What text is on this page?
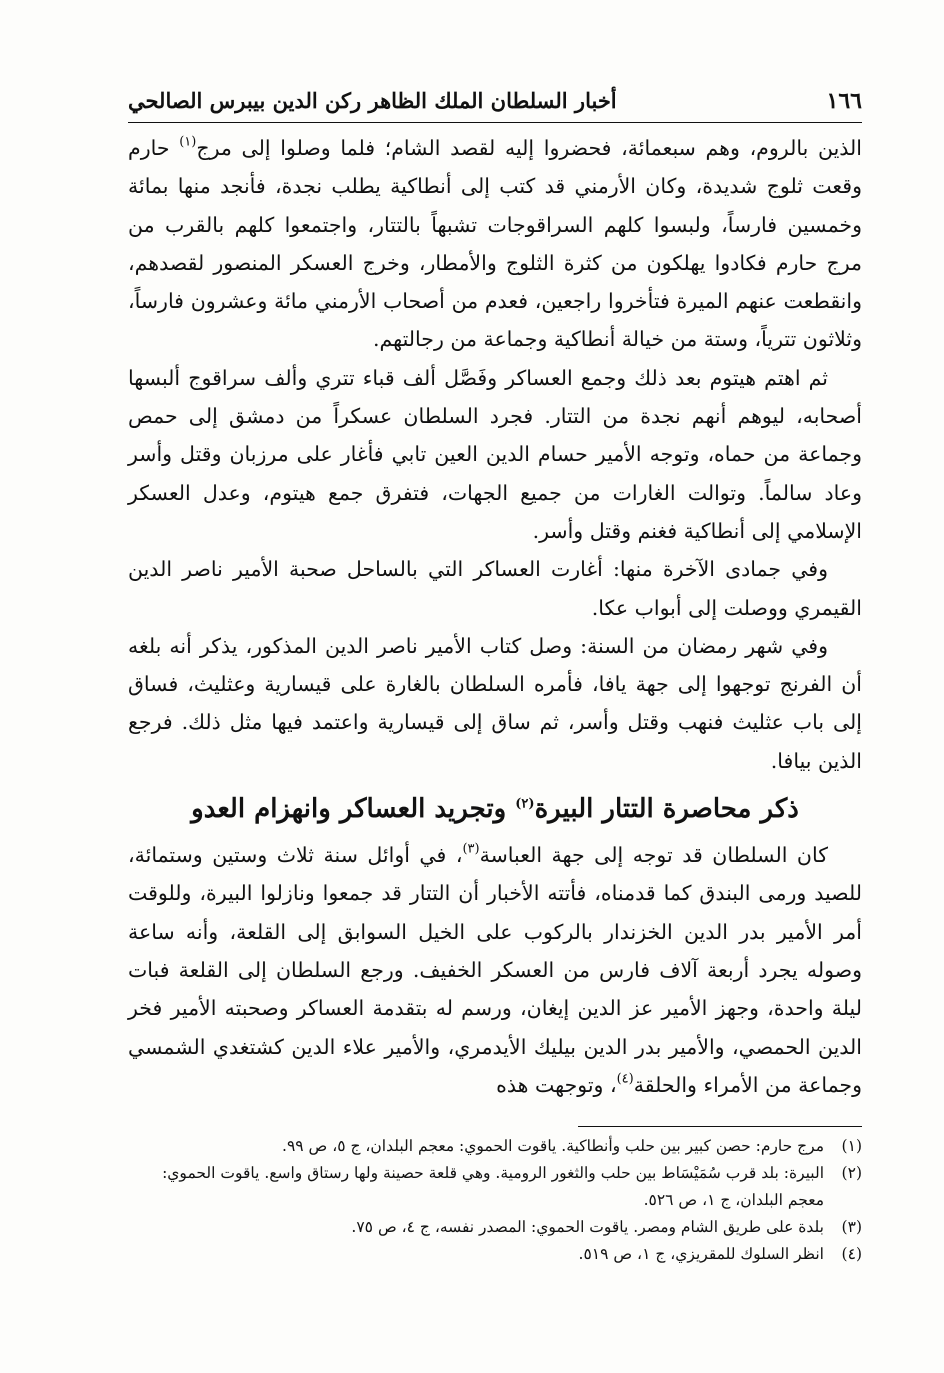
١٦٦
أخبار السلطان الملك الظاهر ركن الدين بيبرس الصالحي

الذين بالروم، وهم سبعمائة، فحضروا إليه لقصد الشام؛ فلما وصلوا إلى مرج$^{(١)}$ حارم وقعت ثلوج شديدة، وكان الأرمني قد كتب إلى أنطاكية يطلب نجدة، فأنجد منها بمائة وخمسين فارساً، ولبسوا كلهم السراقوجات تشبهاً بالتتار، واجتمعوا كلهم بالقرب من مرج حارم فكادوا يهلكون من كثرة الثلوج والأمطار، وخرج العسكر المنصور لقصدهم، وانقطعت عنهم الميرة فتأخروا راجعين، فعدم من أصحاب الأرمني مائة وعشرون فارساً، وثلاثون تترياً، وستة من خيالة أنطاكية وجماعة من رجالتهم.

ثم اهتم هيتوم بعد ذلك وجمع العساكر وفَصَّل ألف قباء تتري وألف سراقوج ألبسها أصحابه، ليوهم أنهم نجدة من التتار. فجرد السلطان عسكراً من دمشق إلى حمص وجماعة من حماه، وتوجه الأمير حسام الدين العين تابي فأغار على مرزبان وقتل وأسر وعاد سالماً. وتوالت الغارات من جميع الجهات، فتفرق جمع هيتوم، وعدل العسكر الإسلامي إلى أنطاكية فغنم وقتل وأسر.

وفي جمادى الآخرة منها: أغارت العساكر التي بالساحل صحبة الأمير ناصر الدين القيمري ووصلت إلى أبواب عكا.

وفي شهر رمضان من السنة: وصل كتاب الأمير ناصر الدين المذكور، يذكر أنه بلغه أن الفرنج توجهوا إلى جهة يافا، فأمره السلطان بالغارة على قيسارية وعثليث، فساق إلى باب عثليث فنهب وقتل وأسر، ثم ساق إلى قيسارية واعتمد فيها مثل ذلك. فرجع الذين بيافا.

ذكر محاصرة التتار البيرة$^{(٢)}$ وتجريد العساكر وانهزام العدو

كان السلطان قد توجه إلى جهة العباسة$^{(٣)}$، في أوائل سنة ثلاث وستين وستمائة، للصيد ورمى البندق كما قدمناه، فأتته الأخبار أن التتار قد جمعوا ونازلوا البيرة، وللوقت أمر الأمير بدر الدين الخزندار بالركوب على الخيل السوابق إلى القلعة، وأنه ساعة وصوله يجرد أربعة آلاف فارس من العسكر الخفيف. ورجع السلطان إلى القلعة فبات ليلة واحدة، وجهز الأمير عز الدين إيغان، ورسم له بتقدمة العساكر وصحبته الأمير فخر الدين الحمصي، والأمير بدر الدين بيليك الأيدمري، والأمير علاء الدين كشتغدي الشمسي وجماعة من الأمراء والحلقة$^{(٤)}$، وتوجهت هذه

(١)
مرج حارم: حصن كبير بين حلب وأنطاكية. ياقوت الحموي: معجم البلدان، ج ٥، ص ٩٩.
(٢)
البيرة: بلد قرب سُمَيْسَاط بين حلب والثغور الرومية. وهي قلعة حصينة ولها رستاق واسع. ياقوت الحموي: معجم البلدان، ج ١، ص ٥٢٦.
(٣)
بلدة على طريق الشام ومصر. ياقوت الحموي: المصدر نفسه، ج ٤، ص ٧٥.
(٤)
انظر السلوك للمقريزي، ج ١، ص ٥١٩.
